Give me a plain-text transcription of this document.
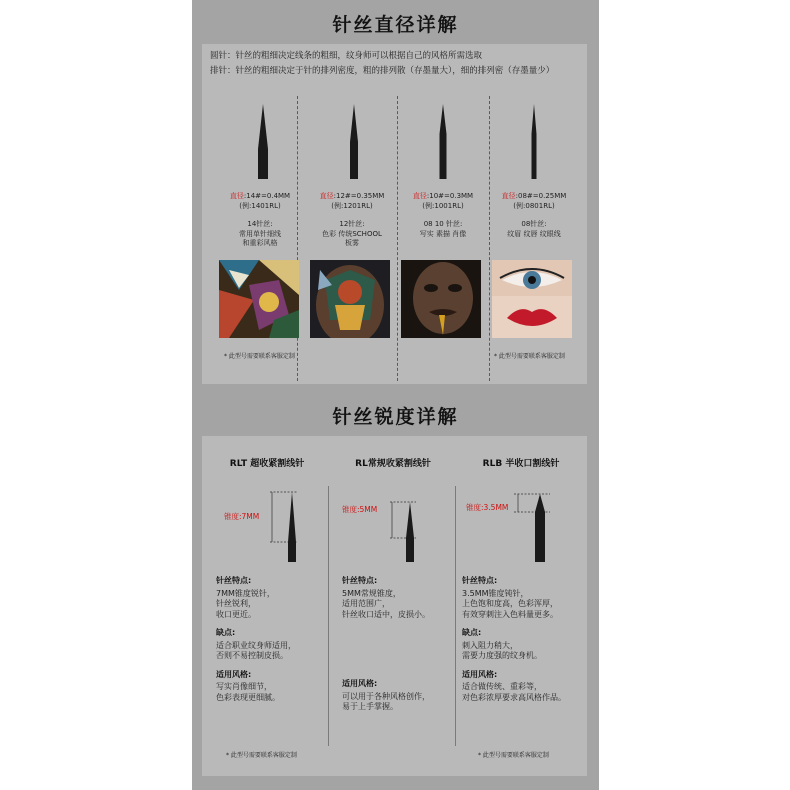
针丝直径详解
圆针：针丝的粗细决定线条的粗细，纹身师可以根据自己的风格所需选取
排针：针丝的粗细决定于针的排列密度，粗的排列散（存墨量大），细的排列密（存墨量少）
直径:14#=0.4MM
(例:1401RL)
14针丝:
常用单针细线
和重彩风格
直径:12#=0.35MM
(例:1201RL)
12针丝:
色彩 传统SCHOOL
板雾
直径:10#=0.3MM
(例:1001RL)
08 10 针丝:
写实 素描 肖像
直径:08#=0.25MM
(例:0801RL)
08针丝:
纹眉 纹唇 纹眼线
* 此型号需要联系客服定制	* 此型号需要联系客服定制
针丝锐度详解
RLT 超收紧割线针	RL常规收紧割线针	RLB 半收口割线针
锥度:7MM
锥度:5MM	锥度:3.5MM
针丝特点:
7MM锥度锐针，
针丝锐利，
收口更近。
缺点:
适合职业纹身师适用，
否则不易控制皮损。
适用风格:
写实肖像细节，
色彩表现更细腻。
针丝特点:
5MM常规锥度，
适用范围广，
针丝收口适中，皮损小。
适用风格:
可以用于各种风格创作，
易于上手掌握。
针丝特点:
3.5MM锥度钝针，
上色饱和度高，色彩浑厚，
有效穿刺注入色料量更多。
缺点:
刺入阻力稍大，
需要力度强的纹身机。
适用风格:
适合做传统、重彩等，
对色彩浓厚要求高风格作品。
* 此型号需要联系客服定制	* 此型号需要联系客服定制
